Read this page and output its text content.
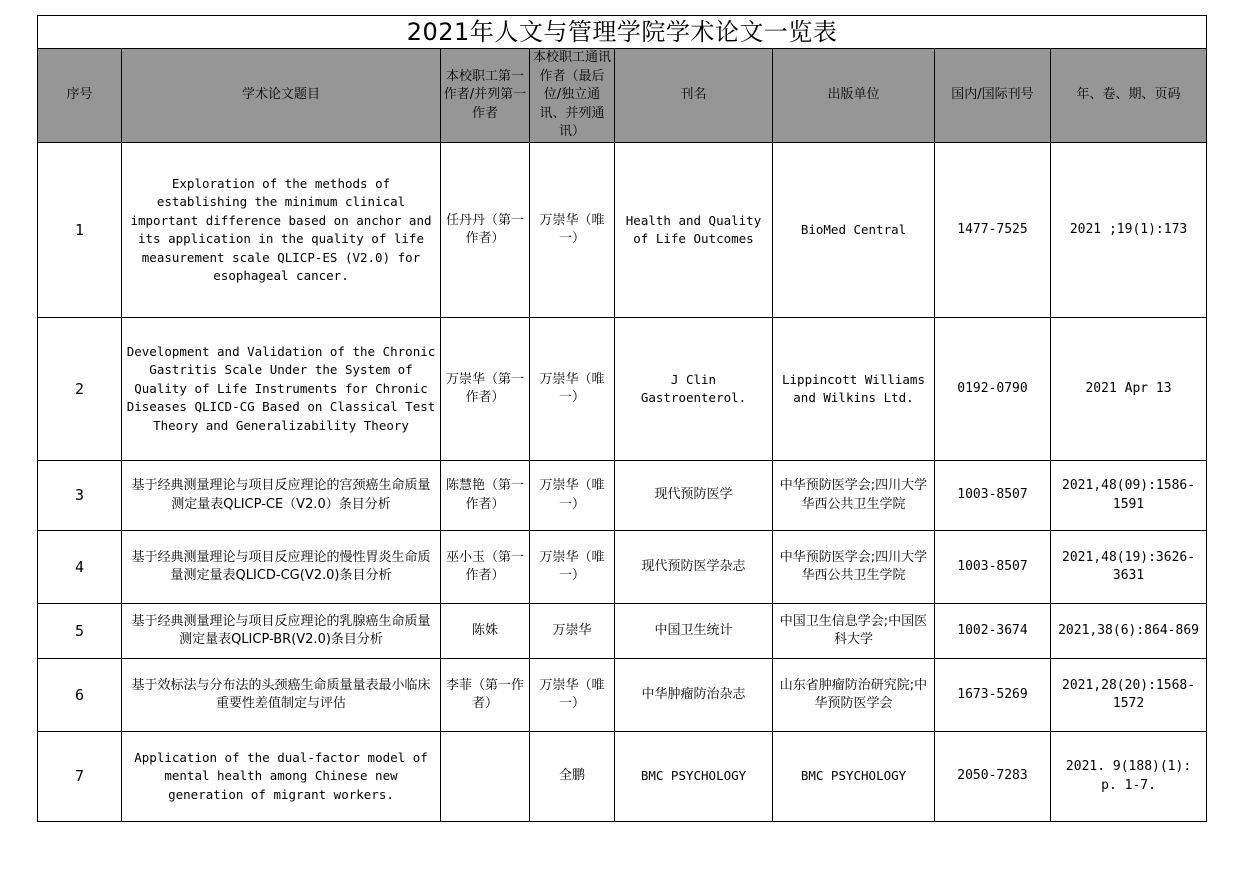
2021年人文与管理学院学术论文一览表							
序号	学术论文题目	本校职工第一作者/并列第一作者	本校职工通讯作者（最后位/独立通讯、并列通讯）	刊名	出版单位	国内/国际刊号	年、卷、期、页码
1	Exploration of the methods of establishing the minimum clinical important difference based on anchor and its application in the quality of life measurement scale QLICP-ES (V2.0) for esophageal cancer.	任丹丹（第一作者）	万崇华（唯一）	Health and Quality of Life Outcomes	BioMed Central	1477-7525	2021 ;19(1):173
2	Development and Validation of the Chronic Gastritis Scale Under the System of Quality of Life Instruments for Chronic Diseases QLICD-CG Based on Classical Test Theory and Generalizability Theory	万崇华（第一作者）	万崇华（唯一）	J Clin Gastroenterol.	Lippincott Williams and Wilkins Ltd.	0192-0790	2021 Apr 13
3	基于经典测量理论与项目反应理论的宫颈癌生命质量测定量表QLICP-CE（V2.0）条目分析	陈慧艳（第一作者）	万崇华（唯一）	现代预防医学	中华预防医学会;四川大学华西公共卫生学院	1003-8507	2021,48(09):1586-1591
4	基于经典测量理论与项目反应理论的慢性胃炎生命质量测定量表QLICD-CG(V2.0)条目分析	巫小玉（第一作者）	万崇华（唯一）	现代预防医学杂志	中华预防医学会;四川大学华西公共卫生学院	1003-8507	2021,48(19):3626-3631
5	基于经典测量理论与项目反应理论的乳腺癌生命质量测定量表QLICP-BR(V2.0)条目分析	陈姝	万崇华	中国卫生统计	中国卫生信息学会;中国医科大学	1002-3674	2021,38(6):864-869
6	基于效标法与分布法的头颈癌生命质量量表最小临床重要性差值制定与评估	李菲（第一作者）	万崇华（唯一）	中华肿瘤防治杂志	山东省肿瘤防治研究院;中华预防医学会	1673-5269	2021,28(20):1568-1572
7	Application of the dual-factor model of mental health among Chinese new generation of migrant workers.		全鹏	BMC PSYCHOLOGY	BMC PSYCHOLOGY	2050-7283	2021. 9(188)(1): p. 1-7.
